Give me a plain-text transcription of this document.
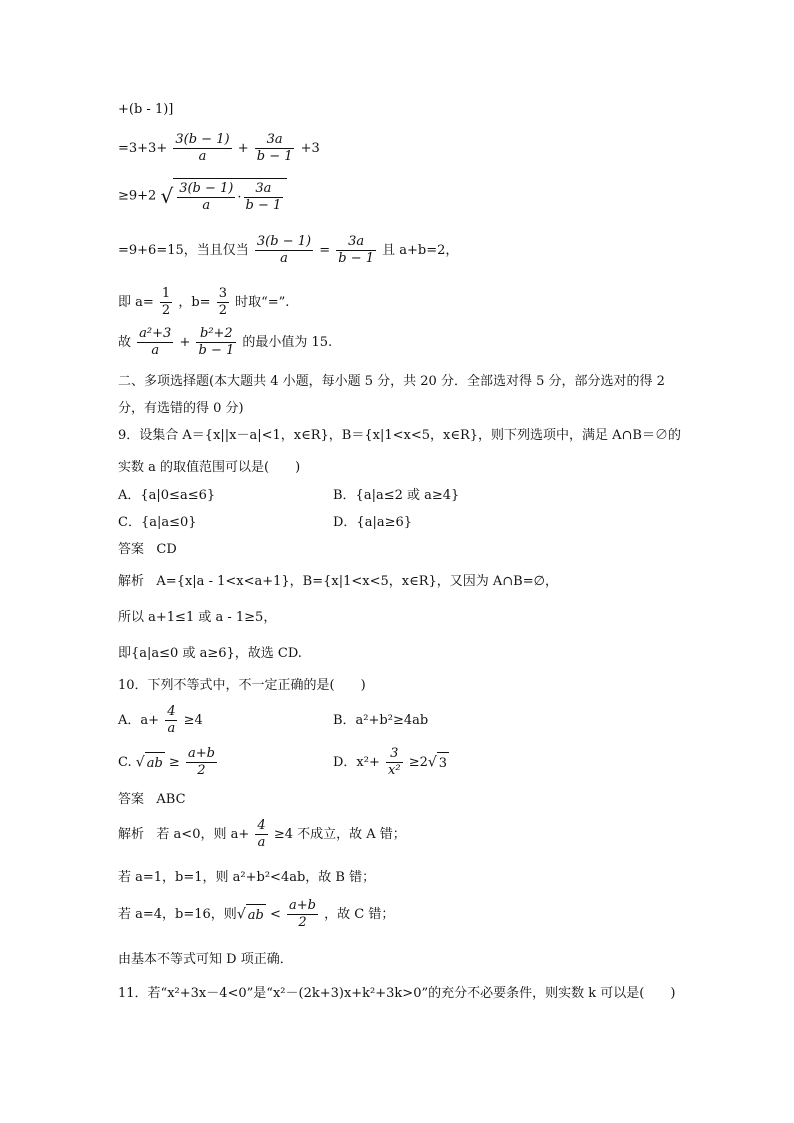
+(b - 1)]
$=3+3+ \frac{3(b - 1)}{a} + \frac{3a}{b - 1} +3$
≥9+2 √ $\frac{3(b - 1)}{a} \cdot \frac{3a}{b - 1}$
=9+6=15，当且仅当 $\frac{3(b - 1)}{a} = \frac{3a}{b - 1}$ 且 a+b=2，
即 $a= \frac{1}{2}$ ，$b= \frac{3}{2}$ 时取“=”.
故 $\frac{\text{a²+3}}{a} + \frac{\text{b²+2}}{b - 1}$ 的最小值为 15.
二、多项选择题(本大题共 4 小题，每小题 5 分，共 20 分．全部选对得 5 分，部分选对的得 2
分，有选错的得 0 分)
9．设集合 A＝{x||x－a|<1，x∈R}，B＝{x|1<x<5，x∈R}，则下列选项中，满足 A∩B＝∅的
实数 a 的取值范围可以是(　　)
A．{a|0≤a≤6}	B．{a|a≤2 或 a≥4}
C．{a|a≤0}	D．{a|a≥6}
答案 CD
解析 A={x|a - 1<x<a+1}，B={x|1<x<5，x∈R}，又因为 A∩B=∅，
所以 a+1≤1 或 a - 1≥5，
即{a|a≤0 或 a≥6}，故选 CD.
10．下列不等式中，不一定正确的是(　　)
A．$a+ \frac{4}{a} \ge 4$	B．a²+b²≥4ab
C. √ ab ≥ $\frac{a+b}{2}$	D．$x^2+ \frac{3}{\text{x²}} \ge 2√$ 3
答案 ABC
解析 若 a<0，则 $a+ \frac{4}{a} \ge 4$ 不成立，故 A 错；
若 a=1，b=1，则 a²+b²<4ab，故 B 错；
若 a=4，b=16，则√ ab < $\frac{a+b}{2}$ ，故 C 错；
由基本不等式可知 D 项正确．
11．若“x²+3x－4<0”是“x²－(2k+3)x+k²+3k>0”的充分不必要条件，则实数 k 可以是(　　)
